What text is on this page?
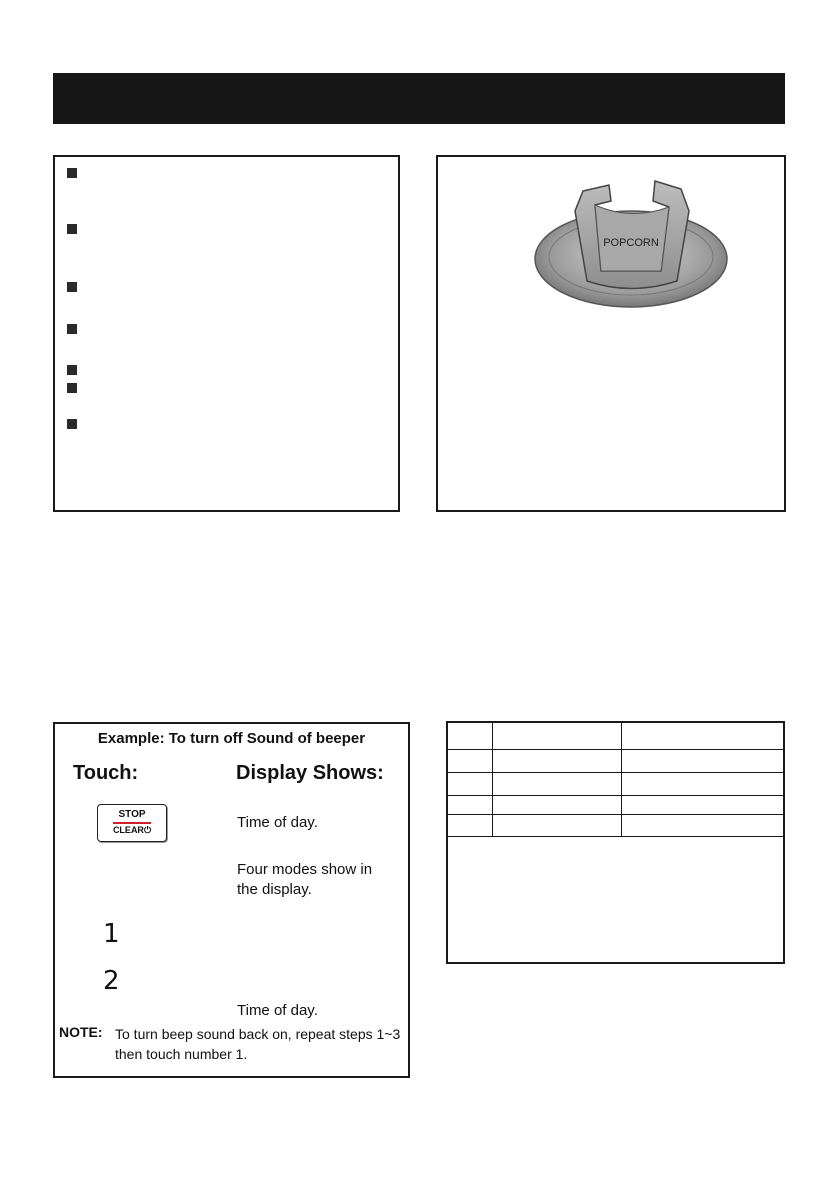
POPCORN
Example: To turn off Sound of beeper
Touch:	Display Shows:
STOP
CLEAR⏻	Time of day.
Four modes show in the display.
1
2
Time of day.
NOTE: To turn beep sound back on, repeat steps 1~3 then touch number 1.
